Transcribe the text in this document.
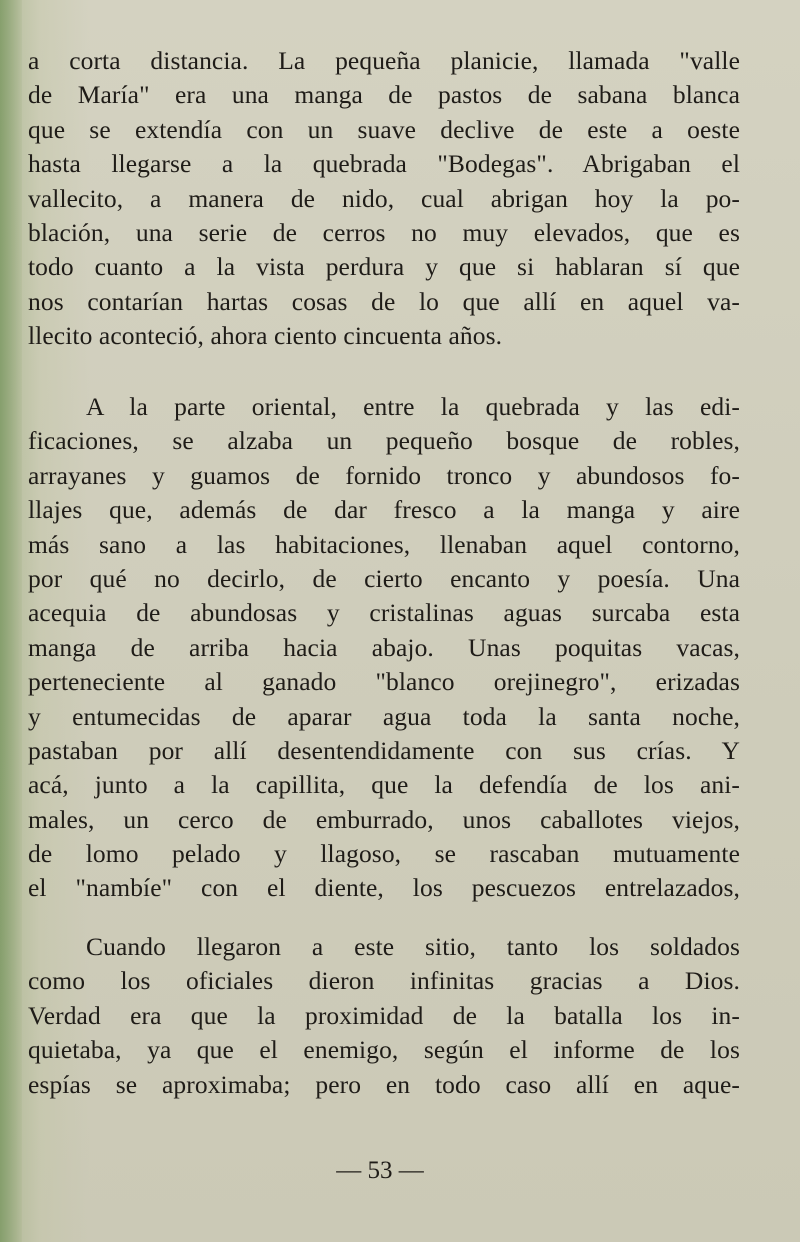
a corta distancia. La pequeña planicie, llamada "valle
de María" era una manga de pastos de sabana blanca
que se extendía con un suave declive de este a oeste
hasta llegarse a la quebrada "Bodegas". Abrigaban el
vallecito, a manera de nido, cual abrigan hoy la po-
blación, una serie de cerros no muy elevados, que es
todo cuanto a la vista perdura y que si hablaran sí que
nos contarían hartas cosas de lo que allí en aquel va-
llecito aconteció, ahora ciento cincuenta años.
A la parte oriental, entre la quebrada y las edi-
ficaciones, se alzaba un pequeño bosque de robles,
arrayanes y guamos de fornido tronco y abundosos fo-
llajes que, además de dar fresco a la manga y aire
más sano a las habitaciones, llenaban aquel contorno,
por qué no decirlo, de cierto encanto y poesía. Una
acequia de abundosas y cristalinas aguas surcaba esta
manga de arriba hacia abajo. Unas poquitas vacas,
perteneciente al ganado "blanco orejinegro", erizadas
y entumecidas de aparar agua toda la santa noche,
pastaban por allí desentendidamente con sus crías. Y
acá, junto a la capillita, que la defendía de los ani-
males, un cerco de emburrado, unos caballotes viejos,
de lomo pelado y llagoso, se rascaban mutuamente
el "nambíe" con el diente, los pescuezos entrelazados,
Cuando llegaron a este sitio, tanto los soldados
como los oficiales dieron infinitas gracias a Dios.
Verdad era que la proximidad de la batalla los in-
quietaba, ya que el enemigo, según el informe de los
espías se aproximaba; pero en todo caso allí en aque-
— 53 —
